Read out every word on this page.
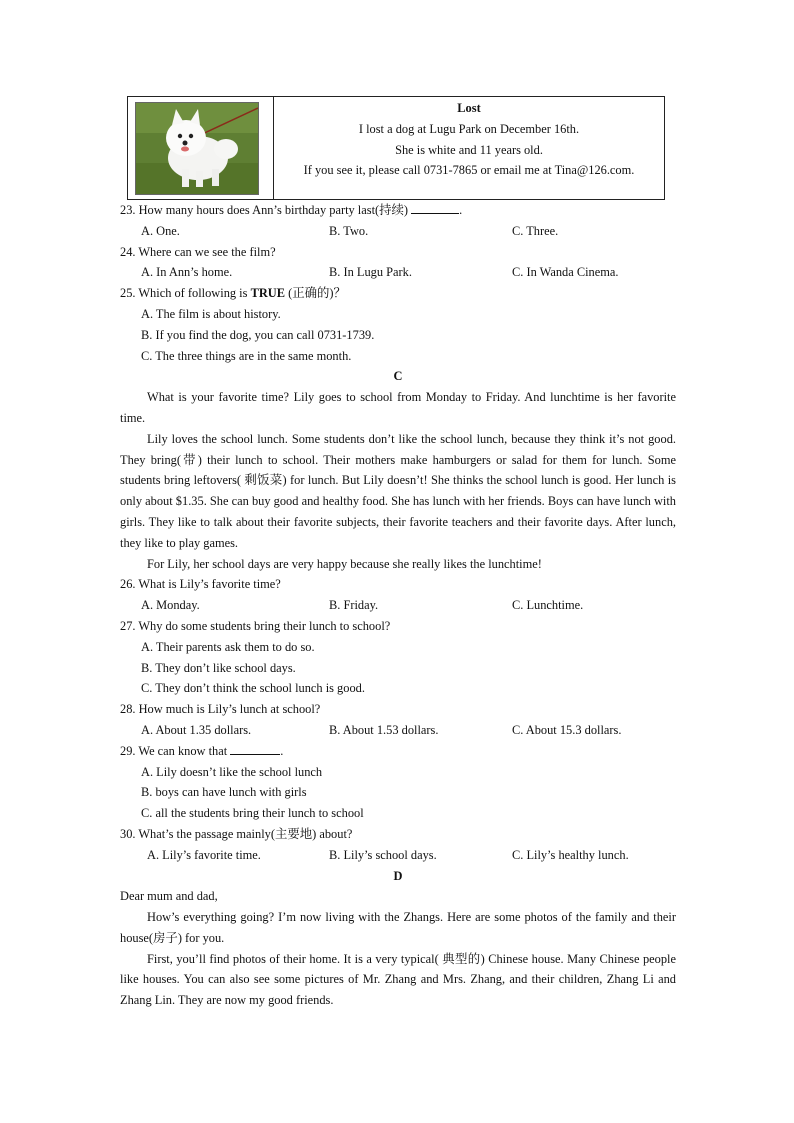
Lost
I lost a dog at Lugu Park on December 16th.
She is white and 11 years old.
If you see it, please call 0731-7865 or email me at Tina@126.com.
23. How many hours does Ann’s birthday party last(持续)	.
A. One.	B. Two.	C. Three.
24. Where can we see the film?
A. In Ann’s home.	B. In Lugu Park.	C. In Wanda Cinema.
25. Which of following is TRUE (正确的)？
A. The film is about history.
B. If you find the dog, you can call 0731-1739.
C. The three things are in the same month.
C
What is your favorite time? Lily goes to school from Monday to Friday. And lunchtime is her favorite time.
Lily loves the school lunch. Some students don’t like the school lunch, because they think it’s not good. They bring(带) their lunch to school. Their mothers make hamburgers or salad for them for lunch. Some students bring leftovers( 剩饭菜) for lunch. But Lily doesn’t! She thinks the school lunch is good. Her lunch is only about $1.35. She can buy good and healthy food. She has lunch with her friends. Boys can have lunch with girls. They like to talk about their favorite subjects, their favorite teachers and their favorite days. After lunch, they like to play games.
For Lily, her school days are very happy because she really likes the lunchtime!
26. What is Lily’s favorite time?
A. Monday.	B. Friday.	C. Lunchtime.
27. Why do some students bring their lunch to school?
A. Their parents ask them to do so.
B. They don’t like school days.
C. They don’t think the school lunch is good.
28. How much is Lily’s lunch at school?
A. About 1.35 dollars.	B. About 1.53 dollars.	C. About 15.3 dollars.
29. We can know that	.
A. Lily doesn’t like the school lunch
B. boys can have lunch with girls
C. all the students bring their lunch to school
30. What’s the passage mainly(主要地) about?
A. Lily’s favorite time.	B. Lily’s school days.	C. Lily’s healthy lunch.
D
Dear mum and dad,
How’s everything going? I’m now living with the Zhangs. Here are some photos of the family and their house(房子) for you.
First, you’ll find photos of their home. It is a very typical( 典型的) Chinese house. Many Chinese people like houses. You can also see some pictures of Mr. Zhang and Mrs. Zhang, and their children, Zhang Li and Zhang Lin. They are now my good friends.
